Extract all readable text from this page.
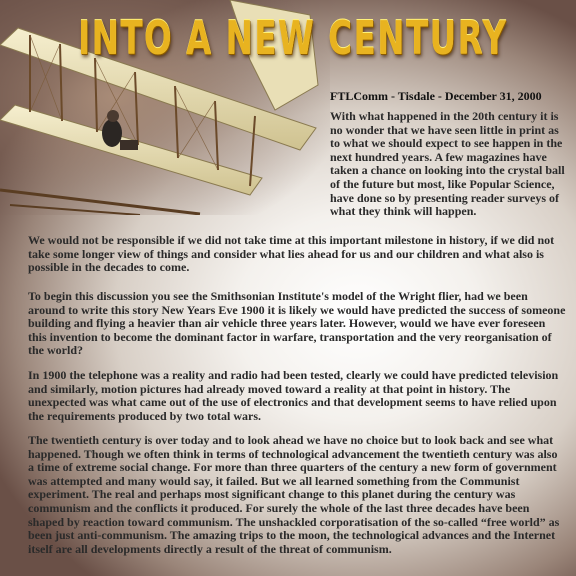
INTO A NEW CENTURY

FTLComm - Tisdale - December 31, 2000

With what happened in the 20th century it is no wonder that we have seen little in print as to what we should expect to see happen in the next hundred years. A few magazines have taken a chance on looking into the crystal ball of the future but most, like Popular Science, have done so by presenting reader surveys of what they think will happen.

We would not be responsible if we did not take time at this important milestone in history, if we did not take some longer view of things and consider what lies ahead for us and our children and what also is possible in the decades to come.

To begin this discussion you see the Smithsonian Institute's model of the Wright flier, had we been around to write this story New Years Eve 1900 it is likely we would have predicted the success of someone building and flying a heavier than air vehicle three years later. However, would we have ever foreseen this invention to become the dominant factor in warfare, transportation and the very reorganisation of the world?

In 1900 the telephone was a reality and radio had been tested, clearly we could have predicted television and similarly, motion pictures had already moved toward a reality at that point in history. The unexpected was what came out of the use of electronics and that development seems to have relied upon the requirements produced by two total wars.

The twentieth century is over today and to look ahead we have no choice but to look back and see what happened. Though we often think in terms of technological advancement the twentieth century was also a time of extreme social change. For more than three quarters of the century a new form of government was attempted and many would say, it failed. But we all learned something from the Communist experiment. The real and perhaps most significant change to this planet during the century was communism and the conflicts it produced. For surely the whole of the last three decades have been shaped by reaction toward communism. The unshackled corporatisation of the so-called “free world” as been just anti-communism. The amazing trips to the moon, the technological advances and the Internet itself are all developments directly a result of the threat of communism.
